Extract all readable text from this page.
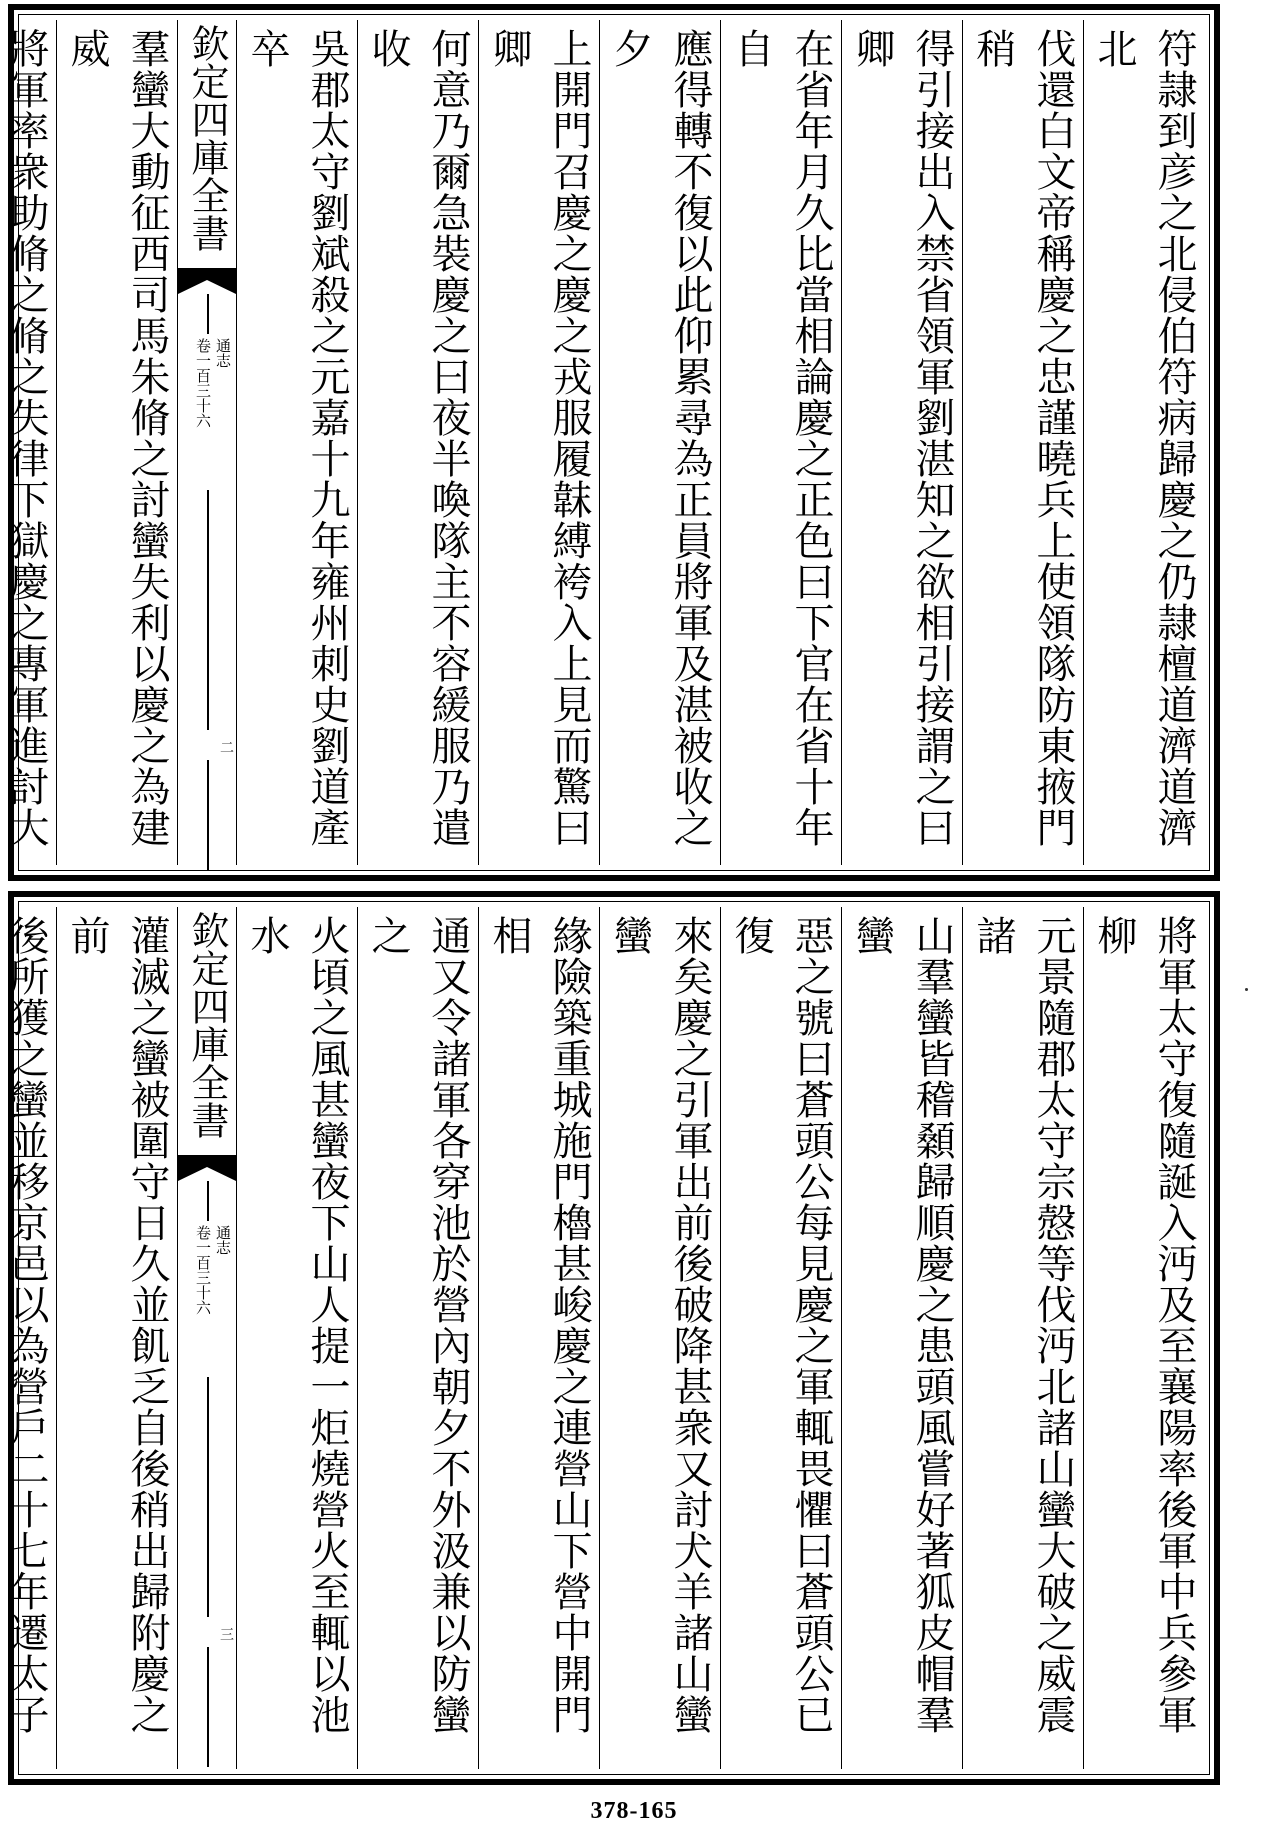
符隷到彦之北侵伯符病歸慶之仍隷檀道濟道濟北
伐還白文帝稱慶之忠謹曉兵上使領隊防東掖門稍
得引接出入禁省領軍劉湛知之欲相引接謂之曰卿
在省年月久比當相論慶之正色曰下官在省十年自
應得轉不復以此仰累尋為正員將軍及湛被收之夕
上開門召慶之慶之戎服履韎縛袴入上見而驚曰卿
何意乃爾急裝慶之曰夜半喚隊主不容緩服乃遣收
吳郡太守劉斌殺之元嘉十九年雍州刺史劉道產卒
欽定四庫全書
通志
卷一百三十六
二
羣蠻大動征西司馬朱脩之討蠻失利以慶之為建威
將軍率衆助脩之脩之失律下獄慶之專軍進討大
將軍太守復隨誕入沔及至襄陽率後軍中兵參軍柳
元景隨郡太守宗慤等伐沔北諸山蠻大破之威震諸
山羣蠻皆稽顙歸順慶之患頭風嘗好著狐皮帽羣蠻
惡之號曰蒼頭公每見慶之軍輒畏懼曰蒼頭公已復
來矣慶之引軍出前後破降甚衆又討犬羊諸山蠻蠻
緣險築重城施門櫓甚峻慶之連營山下營中開門相
通又令諸軍各穿池於營內朝夕不外汲兼以防蠻之
火頃之風甚蠻夜下山人提一炬燒營火至輒以池水
欽定四庫全書
通志
卷一百三十六
三
灌滅之蠻被圍守日久並飢乏自後稍出歸附慶之前
後所獲之蠻並移京邑以為營戶二十七年遷太子
378-165
